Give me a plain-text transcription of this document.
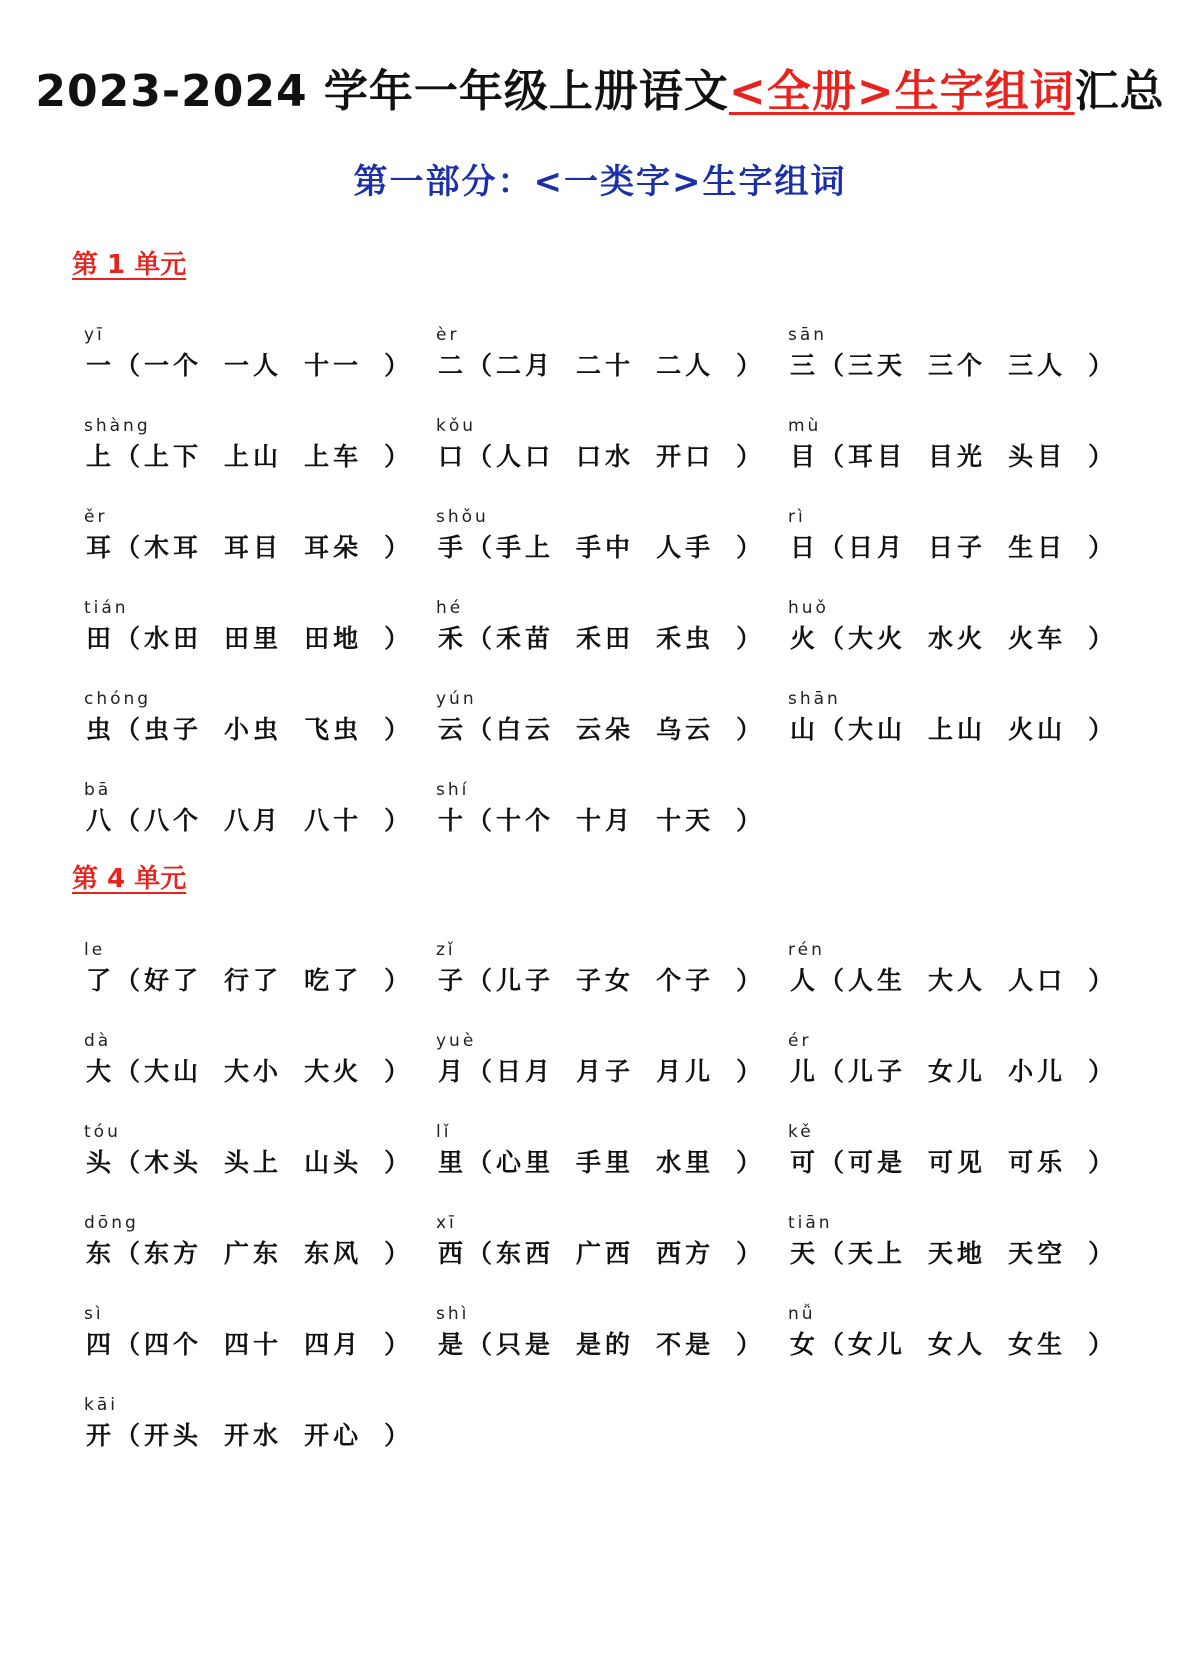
2023-2024 学年一年级上册语文<全册>生字组词汇总
第一部分：<一类字>生字组词
第 1 单元
yī
一（一个 一人 十一 ）
èr
二（二月 二十 二人 ）
sān
三（三天 三个 三人 ）
shàng
上（上下 上山 上车 ）
kǒu
口（人口 口水 开口 ）
mù
目（耳目 目光 头目 ）
ěr
耳（木耳 耳目 耳朵 ）
shǒu
手（手上 手中 人手 ）
rì
日（日月 日子 生日 ）
tián
田（水田 田里 田地 ）
hé
禾（禾苗 禾田 禾虫 ）
huǒ
火（大火 水火 火车 ）
chóng
虫（虫子 小虫 飞虫 ）
yún
云（白云 云朵 乌云 ）
shān
山（大山 上山 火山 ）
bā
八（八个 八月 八十 ）
shí
十（十个 十月 十天 ）
第 4 单元
le
了（好了 行了 吃了 ）
zǐ
子（儿子 子女 个子 ）
rén
人（人生 大人 人口 ）
dà
大（大山 大小 大火 ）
yuè
月（日月 月子 月儿 ）
ér
儿（儿子 女儿 小儿 ）
tóu
头（木头 头上 山头 ）
lǐ
里（心里 手里 水里 ）
kě
可（可是 可见 可乐 ）
dōng
东（东方 广东 东风 ）
xī
西（东西 广西 西方 ）
tiān
天（天上 天地 天空 ）
sì
四（四个 四十 四月 ）
shì
是（只是 是的 不是 ）
nǚ
女（女儿 女人 女生 ）
kāi
开（开头 开水 开心 ）
